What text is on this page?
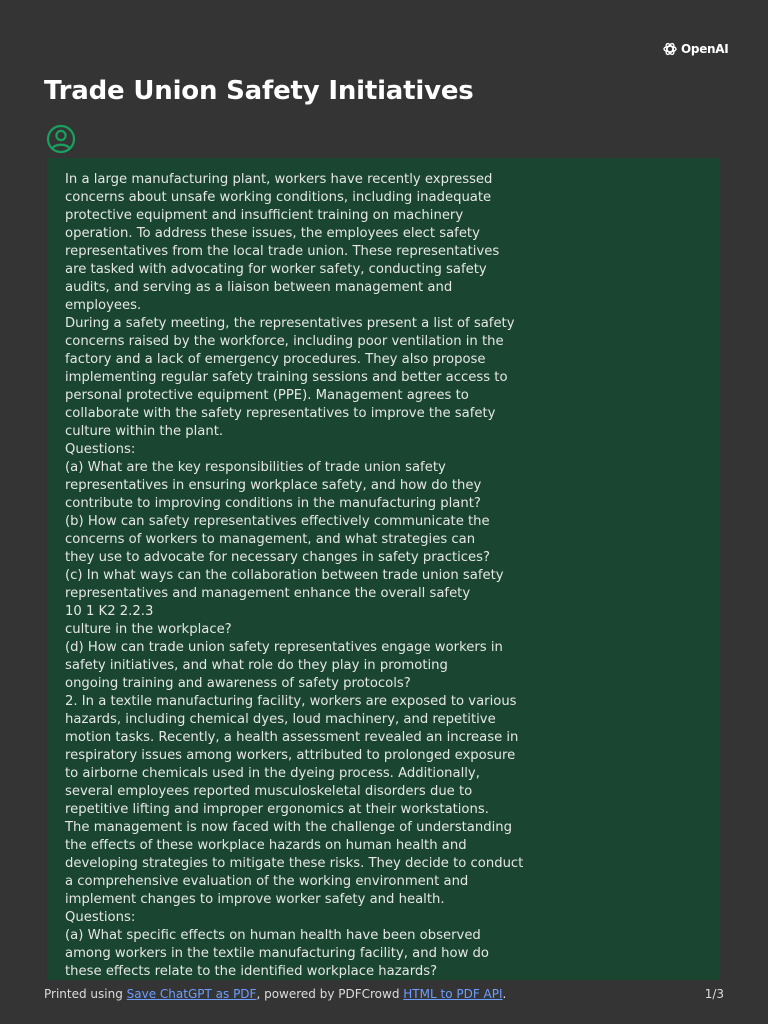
OpenAI
Trade Union Safety Initiatives
In a large manufacturing plant, workers have recently expressed
concerns about unsafe working conditions, including inadequate
protective equipment and insufficient training on machinery
operation. To address these issues, the employees elect safety
representatives from the local trade union. These representatives
are tasked with advocating for worker safety, conducting safety
audits, and serving as a liaison between management and
employees.
During a safety meeting, the representatives present a list of safety
concerns raised by the workforce, including poor ventilation in the
factory and a lack of emergency procedures. They also propose
implementing regular safety training sessions and better access to
personal protective equipment (PPE). Management agrees to
collaborate with the safety representatives to improve the safety
culture within the plant.
Questions:
(a) What are the key responsibilities of trade union safety
representatives in ensuring workplace safety, and how do they
contribute to improving conditions in the manufacturing plant?
(b) How can safety representatives effectively communicate the
concerns of workers to management, and what strategies can
they use to advocate for necessary changes in safety practices?
(c) In what ways can the collaboration between trade union safety
representatives and management enhance the overall safety
10 1 K2 2.2.3
culture in the workplace?
(d) How can trade union safety representatives engage workers in
safety initiatives, and what role do they play in promoting
ongoing training and awareness of safety protocols?
2. In a textile manufacturing facility, workers are exposed to various
hazards, including chemical dyes, loud machinery, and repetitive
motion tasks. Recently, a health assessment revealed an increase in
respiratory issues among workers, attributed to prolonged exposure
to airborne chemicals used in the dyeing process. Additionally,
several employees reported musculoskeletal disorders due to
repetitive lifting and improper ergonomics at their workstations.
The management is now faced with the challenge of understanding
the effects of these workplace hazards on human health and
developing strategies to mitigate these risks. They decide to conduct
a comprehensive evaluation of the working environment and
implement changes to improve worker safety and health.
Questions:
(a) What specific effects on human health have been observed
among workers in the textile manufacturing facility, and how do
these effects relate to the identified workplace hazards?
Printed using Save ChatGPT as PDF, powered by PDFCrowd HTML to PDF API.	1/3
